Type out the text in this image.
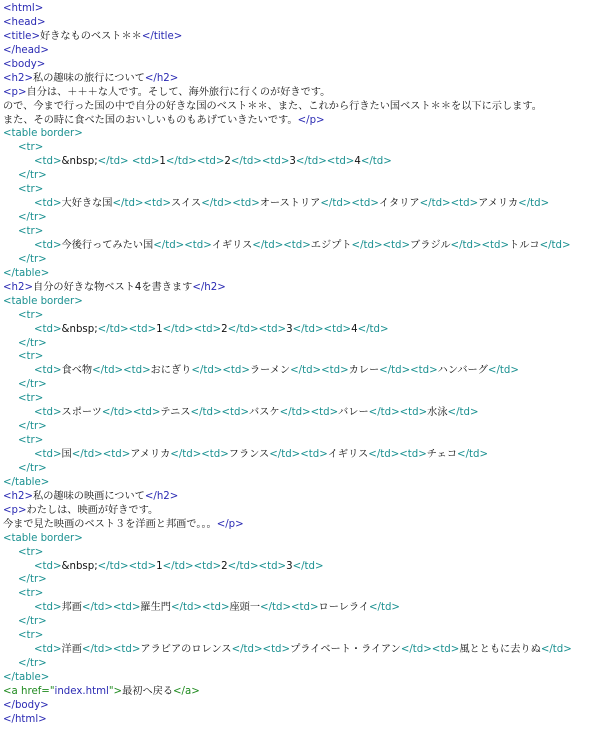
<html>
<head>
<title>好きなものベスト＊＊</title>
</head>
<body>
<h2>私の趣味の旅行について</h2>
<p>自分は、＋＋＋な人です。そして、海外旅行に行くのが好きです。
ので、今まで行った国の中で自分の好きな国のベスト＊＊、また、これから行きたい国ベスト＊＊を以下に示します。
また、その時に食べた国のおいしいものもあげていきたいです。</p>
<table border>
<tr>
<td>&nbsp;</td> <td>1</td><td>2</td><td>3</td><td>4</td>
</tr>
<tr>
<td>大好きな国</td><td>スイス</td><td>オーストリア</td><td>イタリア</td><td>アメリカ</td>
</tr>
<tr>
<td>今後行ってみたい国</td><td>イギリス</td><td>エジプト</td><td>ブラジル</td><td>トルコ</td>
</tr>
</table>
<h2>自分の好きな物ベスト4を書きます</h2>
<table border>
<tr>
<td>&nbsp;</td><td>1</td><td>2</td><td>3</td><td>4</td>
</tr>
<tr>
<td>食べ物</td><td>おにぎり</td><td>ラーメン</td><td>カレー</td><td>ハンバーグ</td>
</tr>
<tr>
<td>スポーツ</td><td>テニス</td><td>バスケ</td><td>バレー</td><td>水泳</td>
</tr>
<tr>
<td>国</td><td>アメリカ</td><td>フランス</td><td>イギリス</td><td>チェコ</td>
</tr>
</table>
<h2>私の趣味の映画について</h2>
<p>わたしは、映画が好きです。
今まで見た映画のベスト３を洋画と邦画で。。。</p>
<table border>
<tr>
<td>&nbsp;</td><td>1</td><td>2</td><td>3</td>
</tr>
<tr>
<td>邦画</td><td>羅生門</td><td>座頭一</td><td>ローレライ</td>
</tr>
<tr>
<td>洋画</td><td>アラビアのロレンス</td><td>プライベート・ライアン</td><td>風とともに去りぬ</td>
</tr>
</table>
<a href="index.html">最初へ戻る</a>
</body>
</html>
